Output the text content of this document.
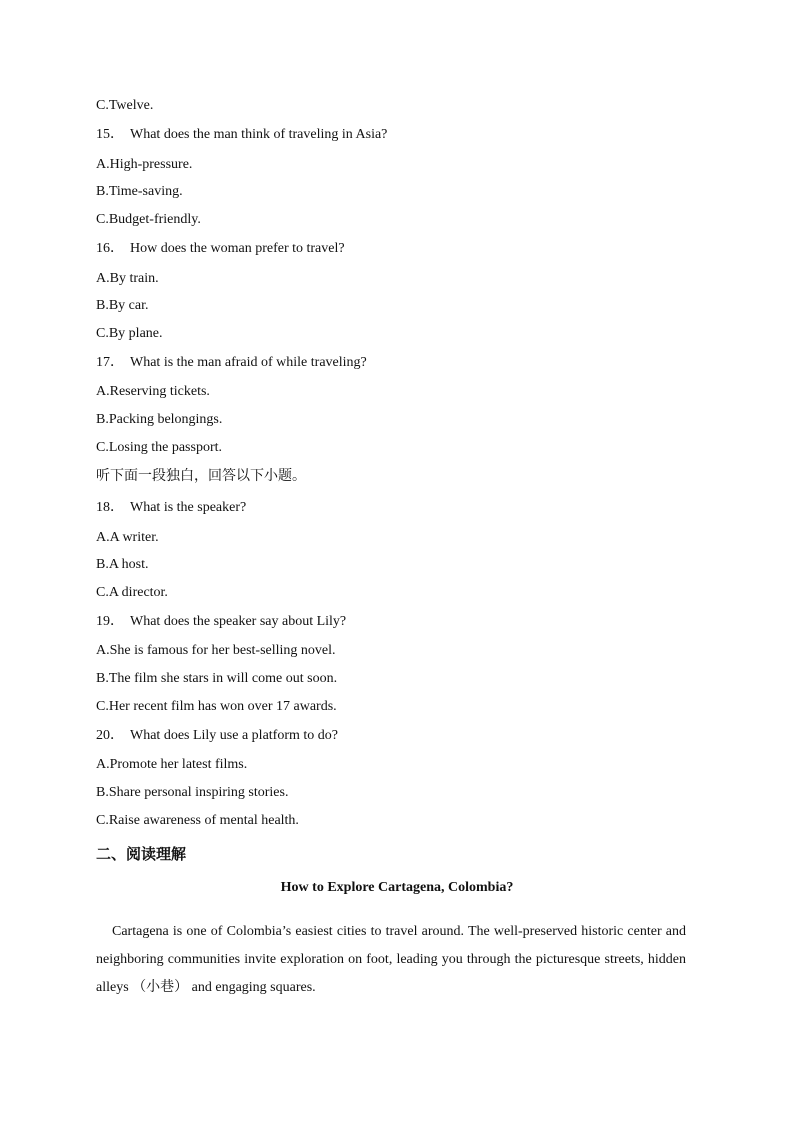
C.Twelve.
15． What does the man think of traveling in Asia?
A.High-pressure.
B.Time-saving.
C.Budget-friendly.
16． How does the woman prefer to travel?
A.By train.
B.By car.
C.By plane.
17． What is the man afraid of while traveling?
A.Reserving tickets.
B.Packing belongings.
C.Losing the passport.
听下面一段独白，回答以下小题。
18． What is the speaker?
A.A writer.
B.A host.
C.A director.
19． What does the speaker say about Lily?
A.She is famous for her best-selling novel.
B.The film she stars in will come out soon.
C.Her recent film has won over 17 awards.
20． What does Lily use a platform to do?
A.Promote her latest films.
B.Share personal inspiring stories.
C.Raise awareness of mental health.
二、阅读理解
How to Explore Cartagena, Colombia?
Cartagena is one of Colombia’s easiest cities to travel around. The well-preserved historic center and neighboring communities invite exploration on foot, leading you through the picturesque streets, hidden alleys （小巷） and engaging squares.
